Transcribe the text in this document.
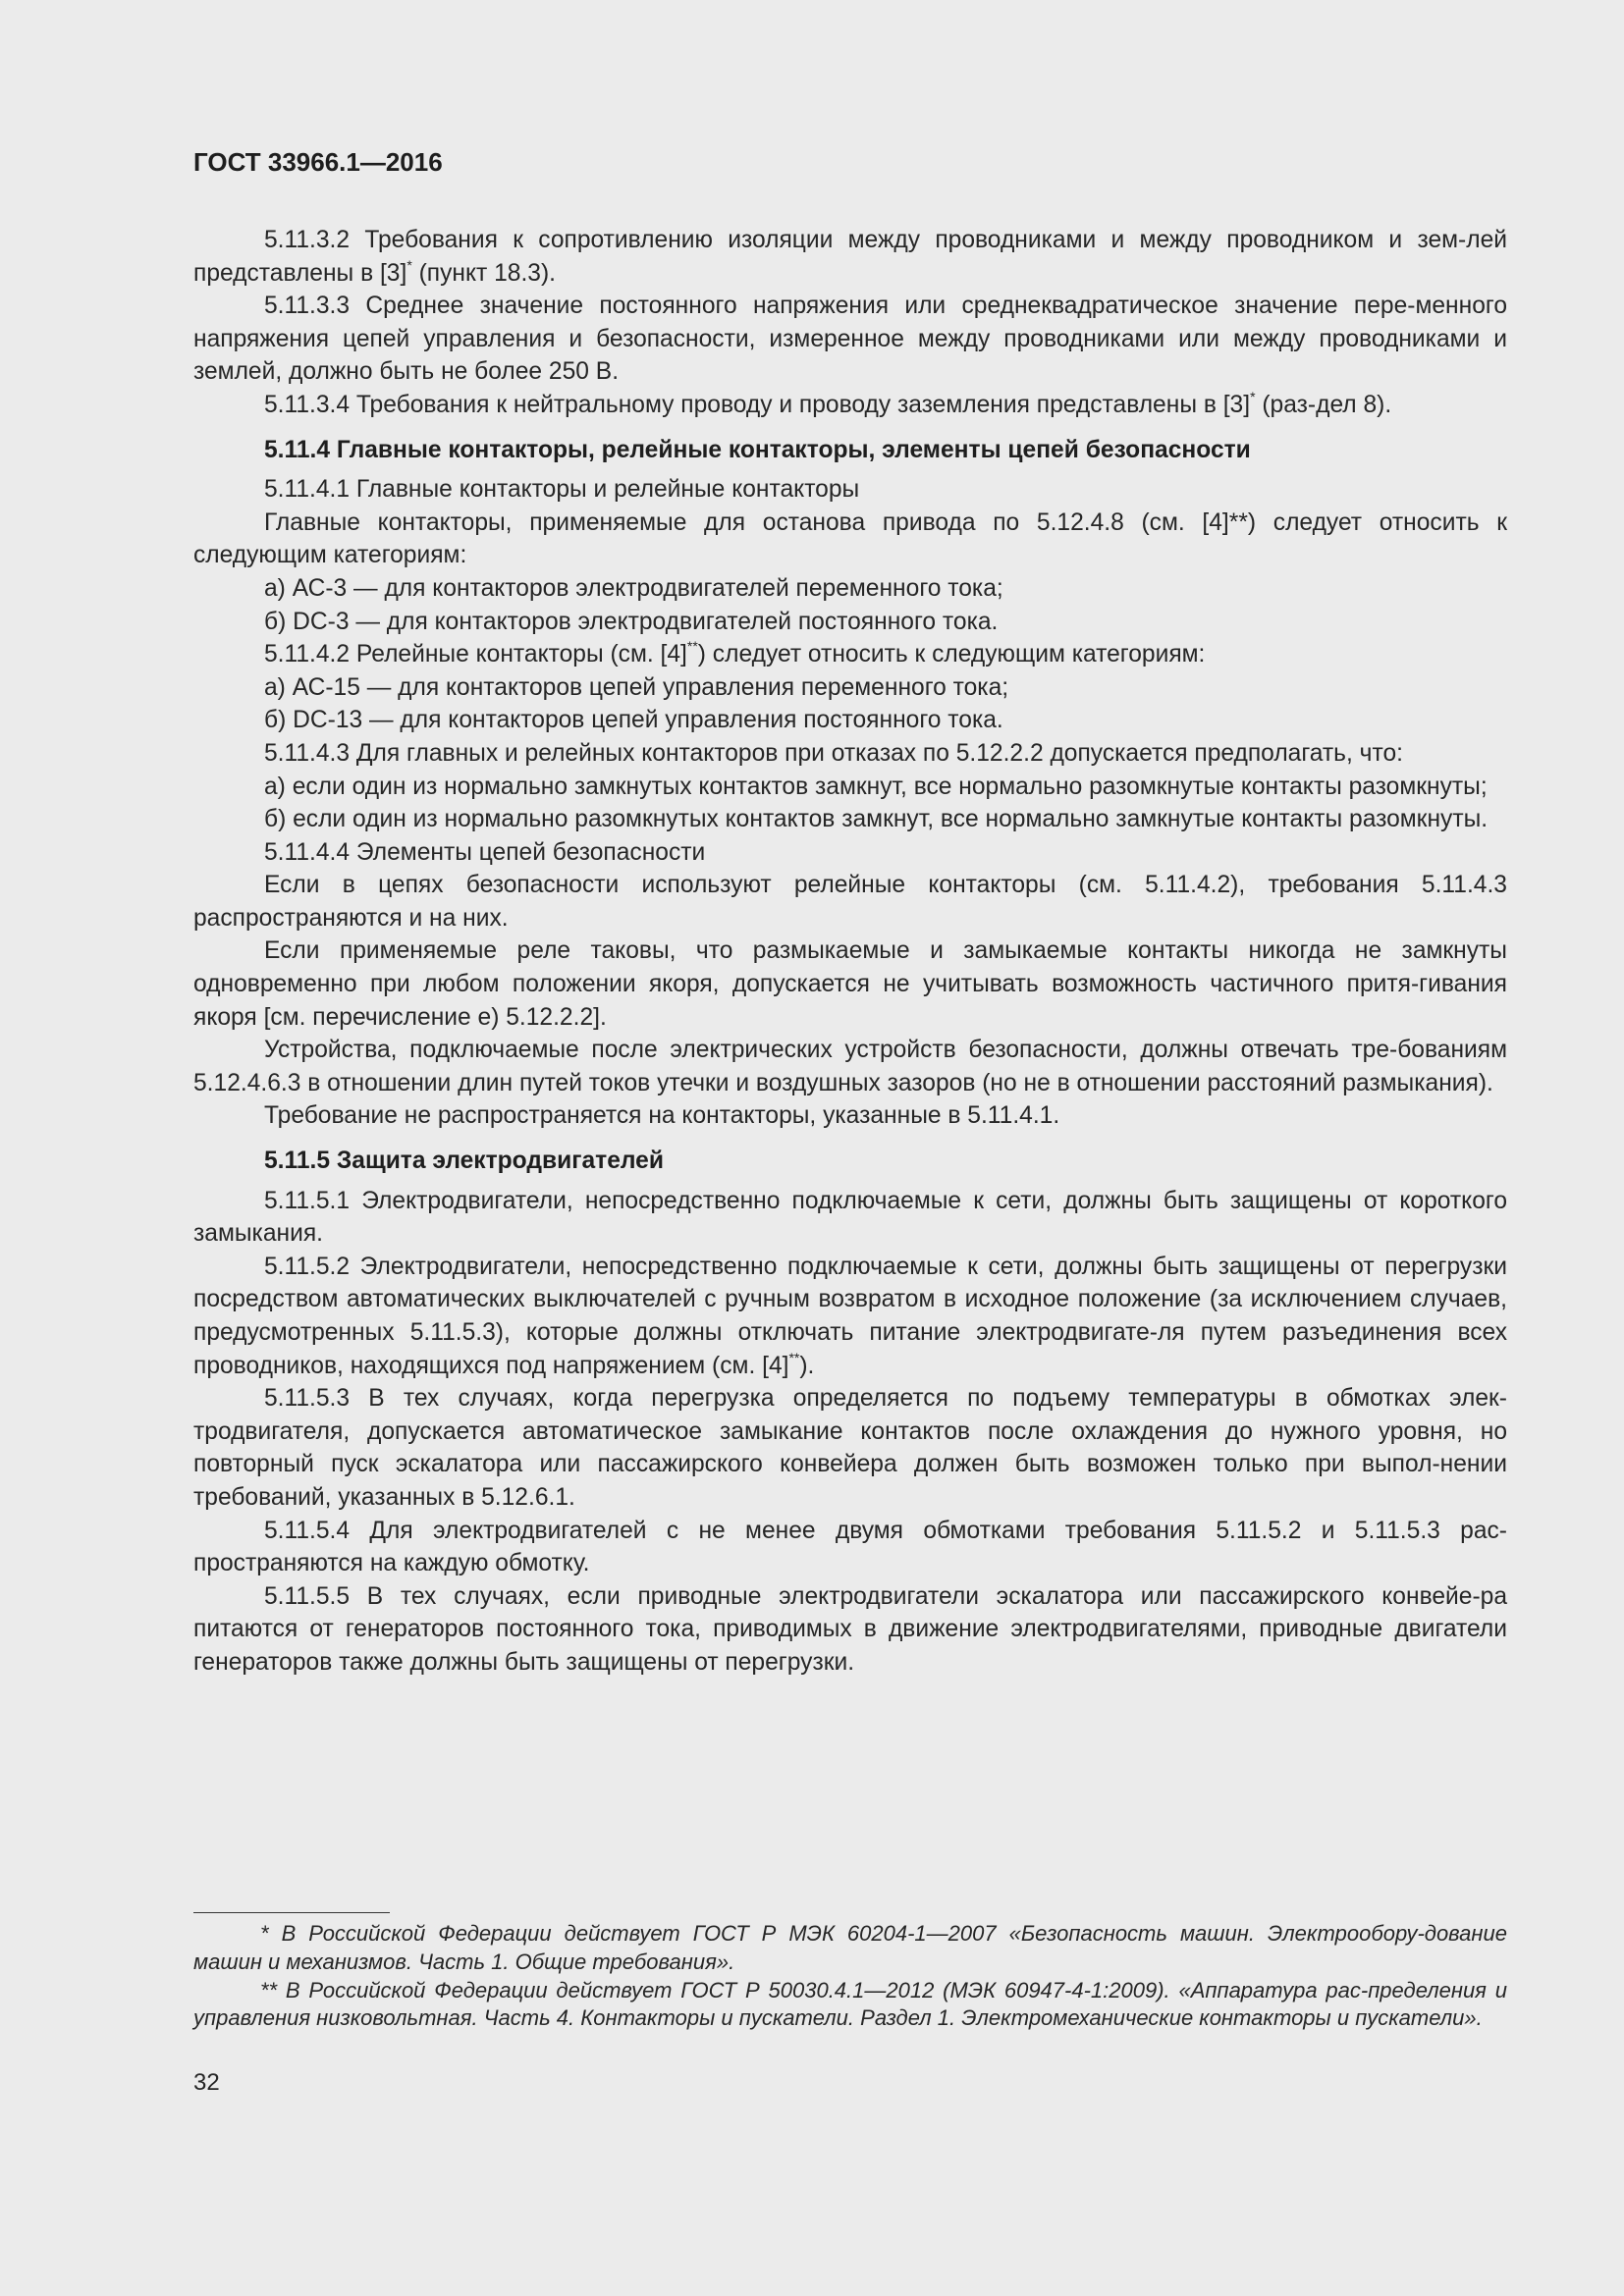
ГОСТ 33966.1—2016

5.11.3.2 Требования к сопротивлению изоляции между проводниками и между проводником и зем-лей представлены в [3]* (пункт 18.3).

5.11.3.3 Среднее значение постоянного напряжения или среднеквадратическое значение пере-менного напряжения цепей управления и безопасности, измеренное между проводниками или между проводниками и землей, должно быть не более 250 В.

5.11.3.4 Требования к нейтральному проводу и проводу заземления представлены в [3]* (раз-дел 8).

5.11.4 Главные контакторы, релейные контакторы, элементы цепей безопасности

5.11.4.1 Главные контакторы и релейные контакторы

Главные контакторы, применяемые для останова привода по 5.12.4.8 (см. [4]**) следует относить к следующим категориям:

а) АС-3 — для контакторов электродвигателей переменного тока;

б) DC-3 — для контакторов электродвигателей постоянного тока.

5.11.4.2 Релейные контакторы (см. [4]**) следует относить к следующим категориям:

а) АС-15 — для контакторов цепей управления переменного тока;

б) DC-13 — для контакторов цепей управления постоянного тока.

5.11.4.3 Для главных и релейных контакторов при отказах по 5.12.2.2 допускается предполагать, что:

а) если один из нормально замкнутых контактов замкнут, все нормально разомкнутые контакты разомкнуты;

б) если один из нормально разомкнутых контактов замкнут, все нормально замкнутые контакты разомкнуты.

5.11.4.4 Элементы цепей безопасности

Если в цепях безопасности используют релейные контакторы (см. 5.11.4.2), требования 5.11.4.3 распространяются и на них.

Если применяемые реле таковы, что размыкаемые и замыкаемые контакты никогда не замкнуты одновременно при любом положении якоря, допускается не учитывать возможность частичного притя-гивания якоря [см. перечисление е) 5.12.2.2].

Устройства, подключаемые после электрических устройств безопасности, должны отвечать тре-бованиям 5.12.4.6.3 в отношении длин путей токов утечки и воздушных зазоров (но не в отношении расстояний размыкания).

Требование не распространяется на контакторы, указанные в 5.11.4.1.

5.11.5 Защита электродвигателей

5.11.5.1 Электродвигатели, непосредственно подключаемые к сети, должны быть защищены от короткого замыкания.

5.11.5.2 Электродвигатели, непосредственно подключаемые к сети, должны быть защищены от перегрузки посредством автоматических выключателей с ручным возвратом в исходное положение (за исключением случаев, предусмотренных 5.11.5.3), которые должны отключать питание электродвигате-ля путем разъединения всех проводников, находящихся под напряжением (см. [4]**).

5.11.5.3 В тех случаях, когда перегрузка определяется по подъему температуры в обмотках элек-тродвигателя, допускается автоматическое замыкание контактов после охлаждения до нужного уровня, но повторный пуск эскалатора или пассажирского конвейера должен быть возможен только при выпол-нении требований, указанных в 5.12.6.1.

5.11.5.4 Для электродвигателей с не менее двумя обмотками требования 5.11.5.2 и 5.11.5.3 рас-пространяются на каждую обмотку.

5.11.5.5 В тех случаях, если приводные электродвигатели эскалатора или пассажирского конвейе-ра питаются от генераторов постоянного тока, приводимых в движение электродвигателями, приводные двигатели генераторов также должны быть защищены от перегрузки.

* В Российской Федерации действует ГОСТ Р МЭК 60204-1—2007 «Безопасность машин. Электрообору-дование машин и механизмов. Часть 1. Общие требования».

** В Российской Федерации действует ГОСТ Р 50030.4.1—2012 (МЭК 60947-4-1:2009). «Аппаратура рас-пределения и управления низковольтная. Часть 4. Контакторы и пускатели. Раздел 1. Электромеханические контакторы и пускатели».

32
